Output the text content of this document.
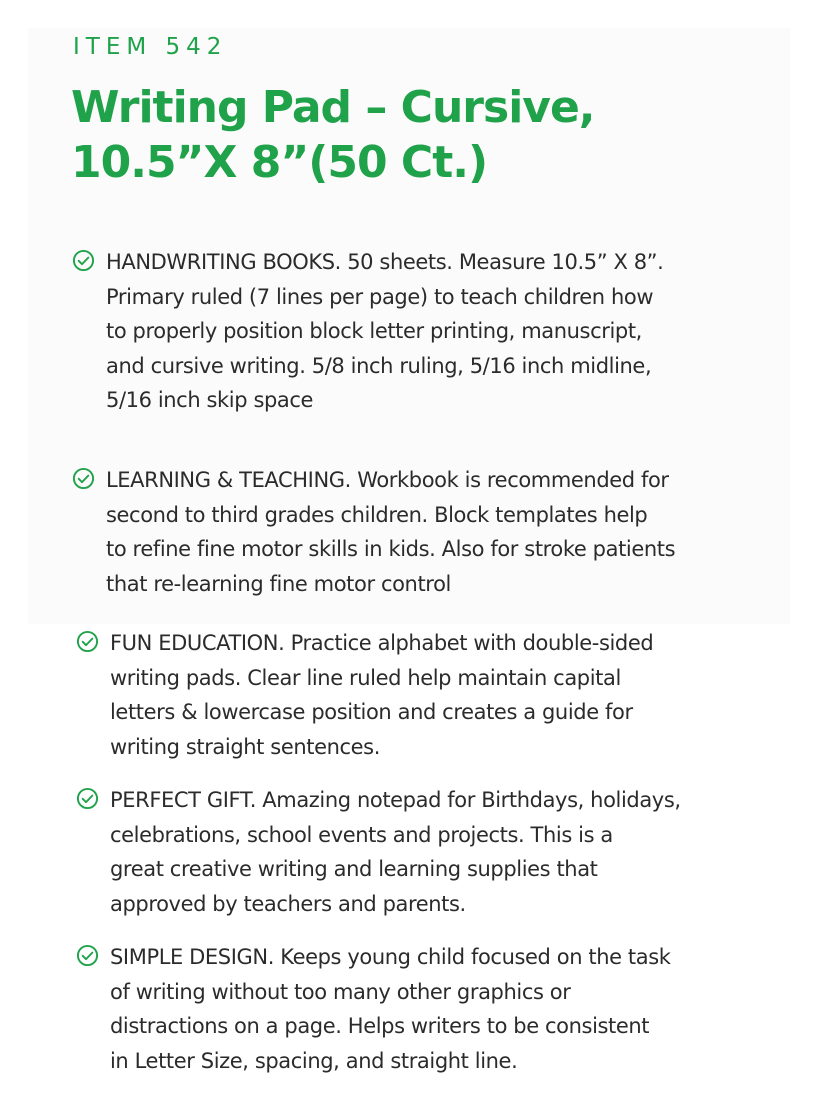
ITEM 542
Writing Pad – Cursive,
10.5”X 8”(50 Ct.)
HANDWRITING BOOKS. 50 sheets. Measure 10.5” X 8”.
Primary ruled (7 lines per page) to teach children how
to properly position block letter printing, manuscript,
and cursive writing. 5/8 inch ruling, 5/16 inch midline,
5/16 inch skip space
LEARNING & TEACHING. Workbook is recommended for
second to third grades children. Block templates help
to refine fine motor skills in kids. Also for stroke patients
that re-learning fine motor control
FUN EDUCATION. Practice alphabet with double-sided
writing pads. Clear line ruled help maintain capital
letters & lowercase position and creates a guide for
writing straight sentences.
PERFECT GIFT. Amazing notepad for Birthdays, holidays,
celebrations, school events and projects. This is a
great creative writing and learning supplies that
approved by teachers and parents.
SIMPLE DESIGN. Keeps young child focused on the task
of writing without too many other graphics or
distractions on a page. Helps writers to be consistent
in Letter Size, spacing, and straight line.
